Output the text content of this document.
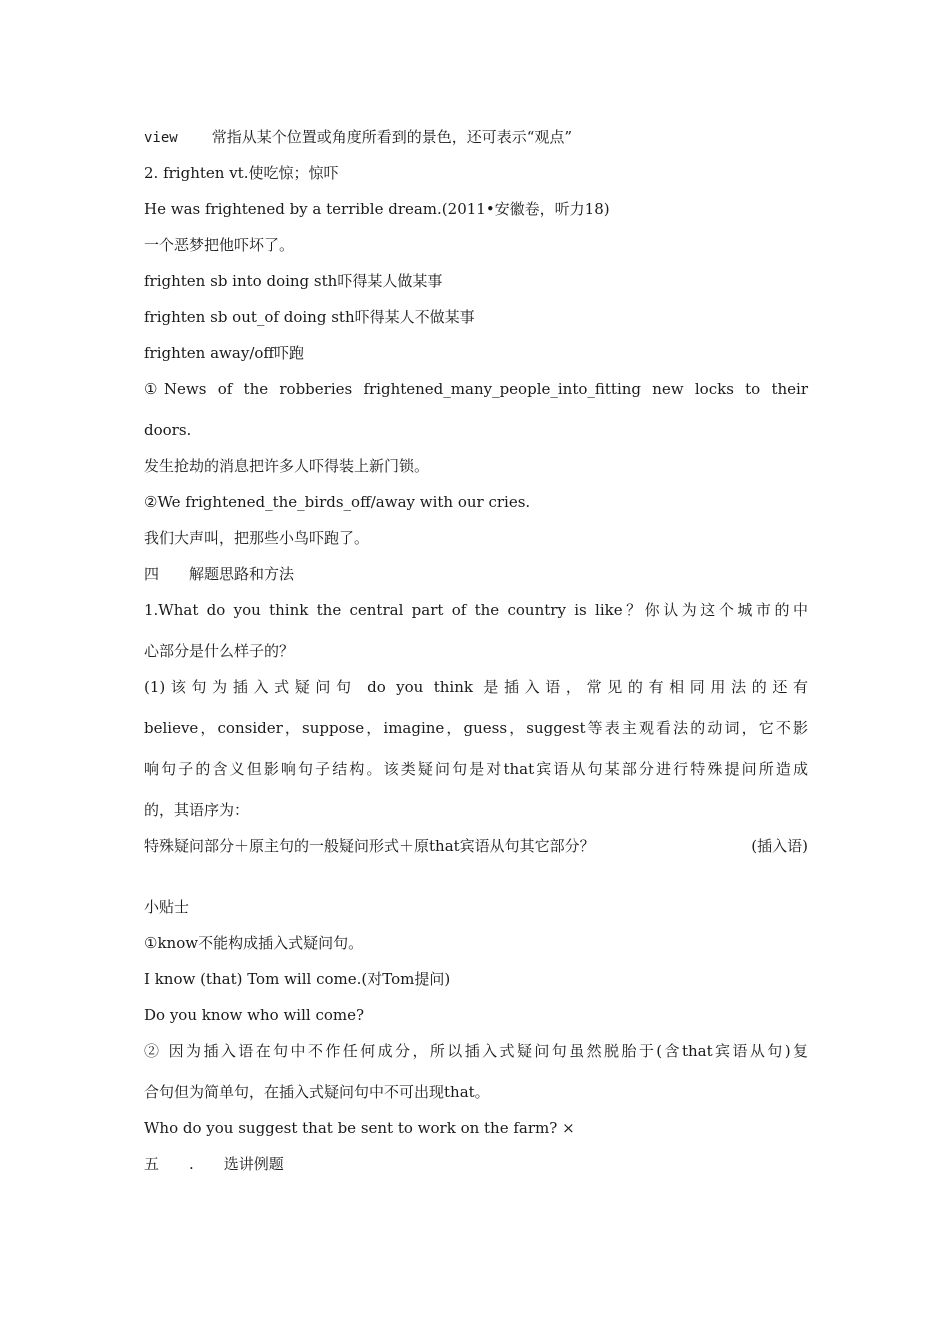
view 常指从某个位置或角度所看到的景色，还可表示“观点”
2. frighten vt.使吃惊；惊吓
He was frightened by a terrible dream.(2011•安徽卷，听力18)
一个恶梦把他吓坏了。
frighten sb into doing sth吓得某人做某事
frighten sb out_of doing sth吓得某人不做某事
frighten away/off吓跑
①News of the robberies frightened_many_people_into_fitting new locks to their
doors.
发生抢劫的消息把许多人吓得装上新门锁。
②We frightened_the_birds_off/away with our cries.
我们大声叫，把那些小鸟吓跑了。
四 解题思路和方法
1.What do you think the central part of the country is like？你认为这个城市的中
心部分是什么样子的？
(1)该句为插入式疑问句 do you think 是插入语，常见的有相同用法的还有
believe，consider，suppose，imagine，guess，suggest等表主观看法的动词，它不影
响句子的含义但影响句子结构。该类疑问句是对that宾语从句某部分进行特殊提问所造成
的，其语序为：
特殊疑问部分＋原主句的一般疑问形式＋原that宾语从句其它部分？	(插入语)
小贴士
①know不能构成插入式疑问句。
I know (that) Tom will come.(对Tom提问)
Do you know who will come?
② 因为插入语在句中不作任何成分，所以插入式疑问句虽然脱胎于(含that宾语从句)复
合句但为简单句，在插入式疑问句中不可出现that。
Who do you suggest that be sent to work on the farm? ×
五 . 选讲例题
